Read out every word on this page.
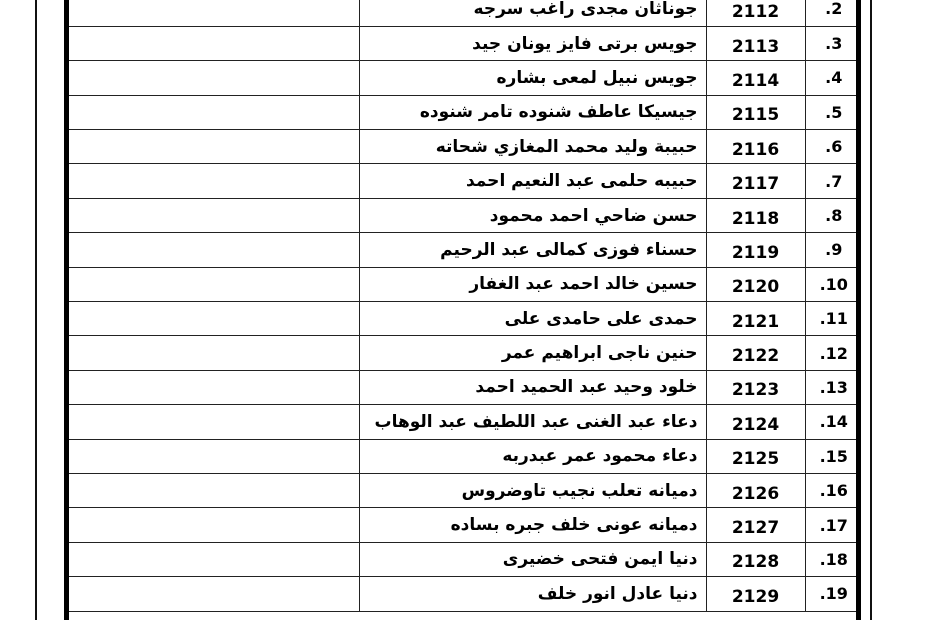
	جوناثان مجدى راغب سرجه	2112	.2
	جويس برتى فايز يونان جيد	2113	.3
	جويس نبيل لمعى بشاره	2114	.4
	جيسيكا عاطف شنوده تامر شنوده	2115	.5
	حبيبة وليد محمد المغازي شحاته	2116	.6
	حبيبه حلمى عبد النعيم احمد	2117	.7
	حسن ضاحي احمد محمود	2118	.8
	حسناء فوزى كمالى عبد الرحيم	2119	.9
	حسين خالد احمد عبد الغفار	2120	.10
	حمدى على حامدى على	2121	.11
	حنين ناجى ابراهيم عمر	2122	.12
	خلود وحيد عبد الحميد احمد	2123	.13
	دعاء عبد الغنى عبد اللطيف عبد الوهاب	2124	.14
	دعاء محمود عمر عبدربه	2125	.15
	دميانه تعلب نجيب تاوضروس	2126	.16
	دميانه عونى خلف جبره بساده	2127	.17
	دنيا ايمن فتحى خضيرى	2128	.18
	دنيا عادل انور خلف	2129	.19
